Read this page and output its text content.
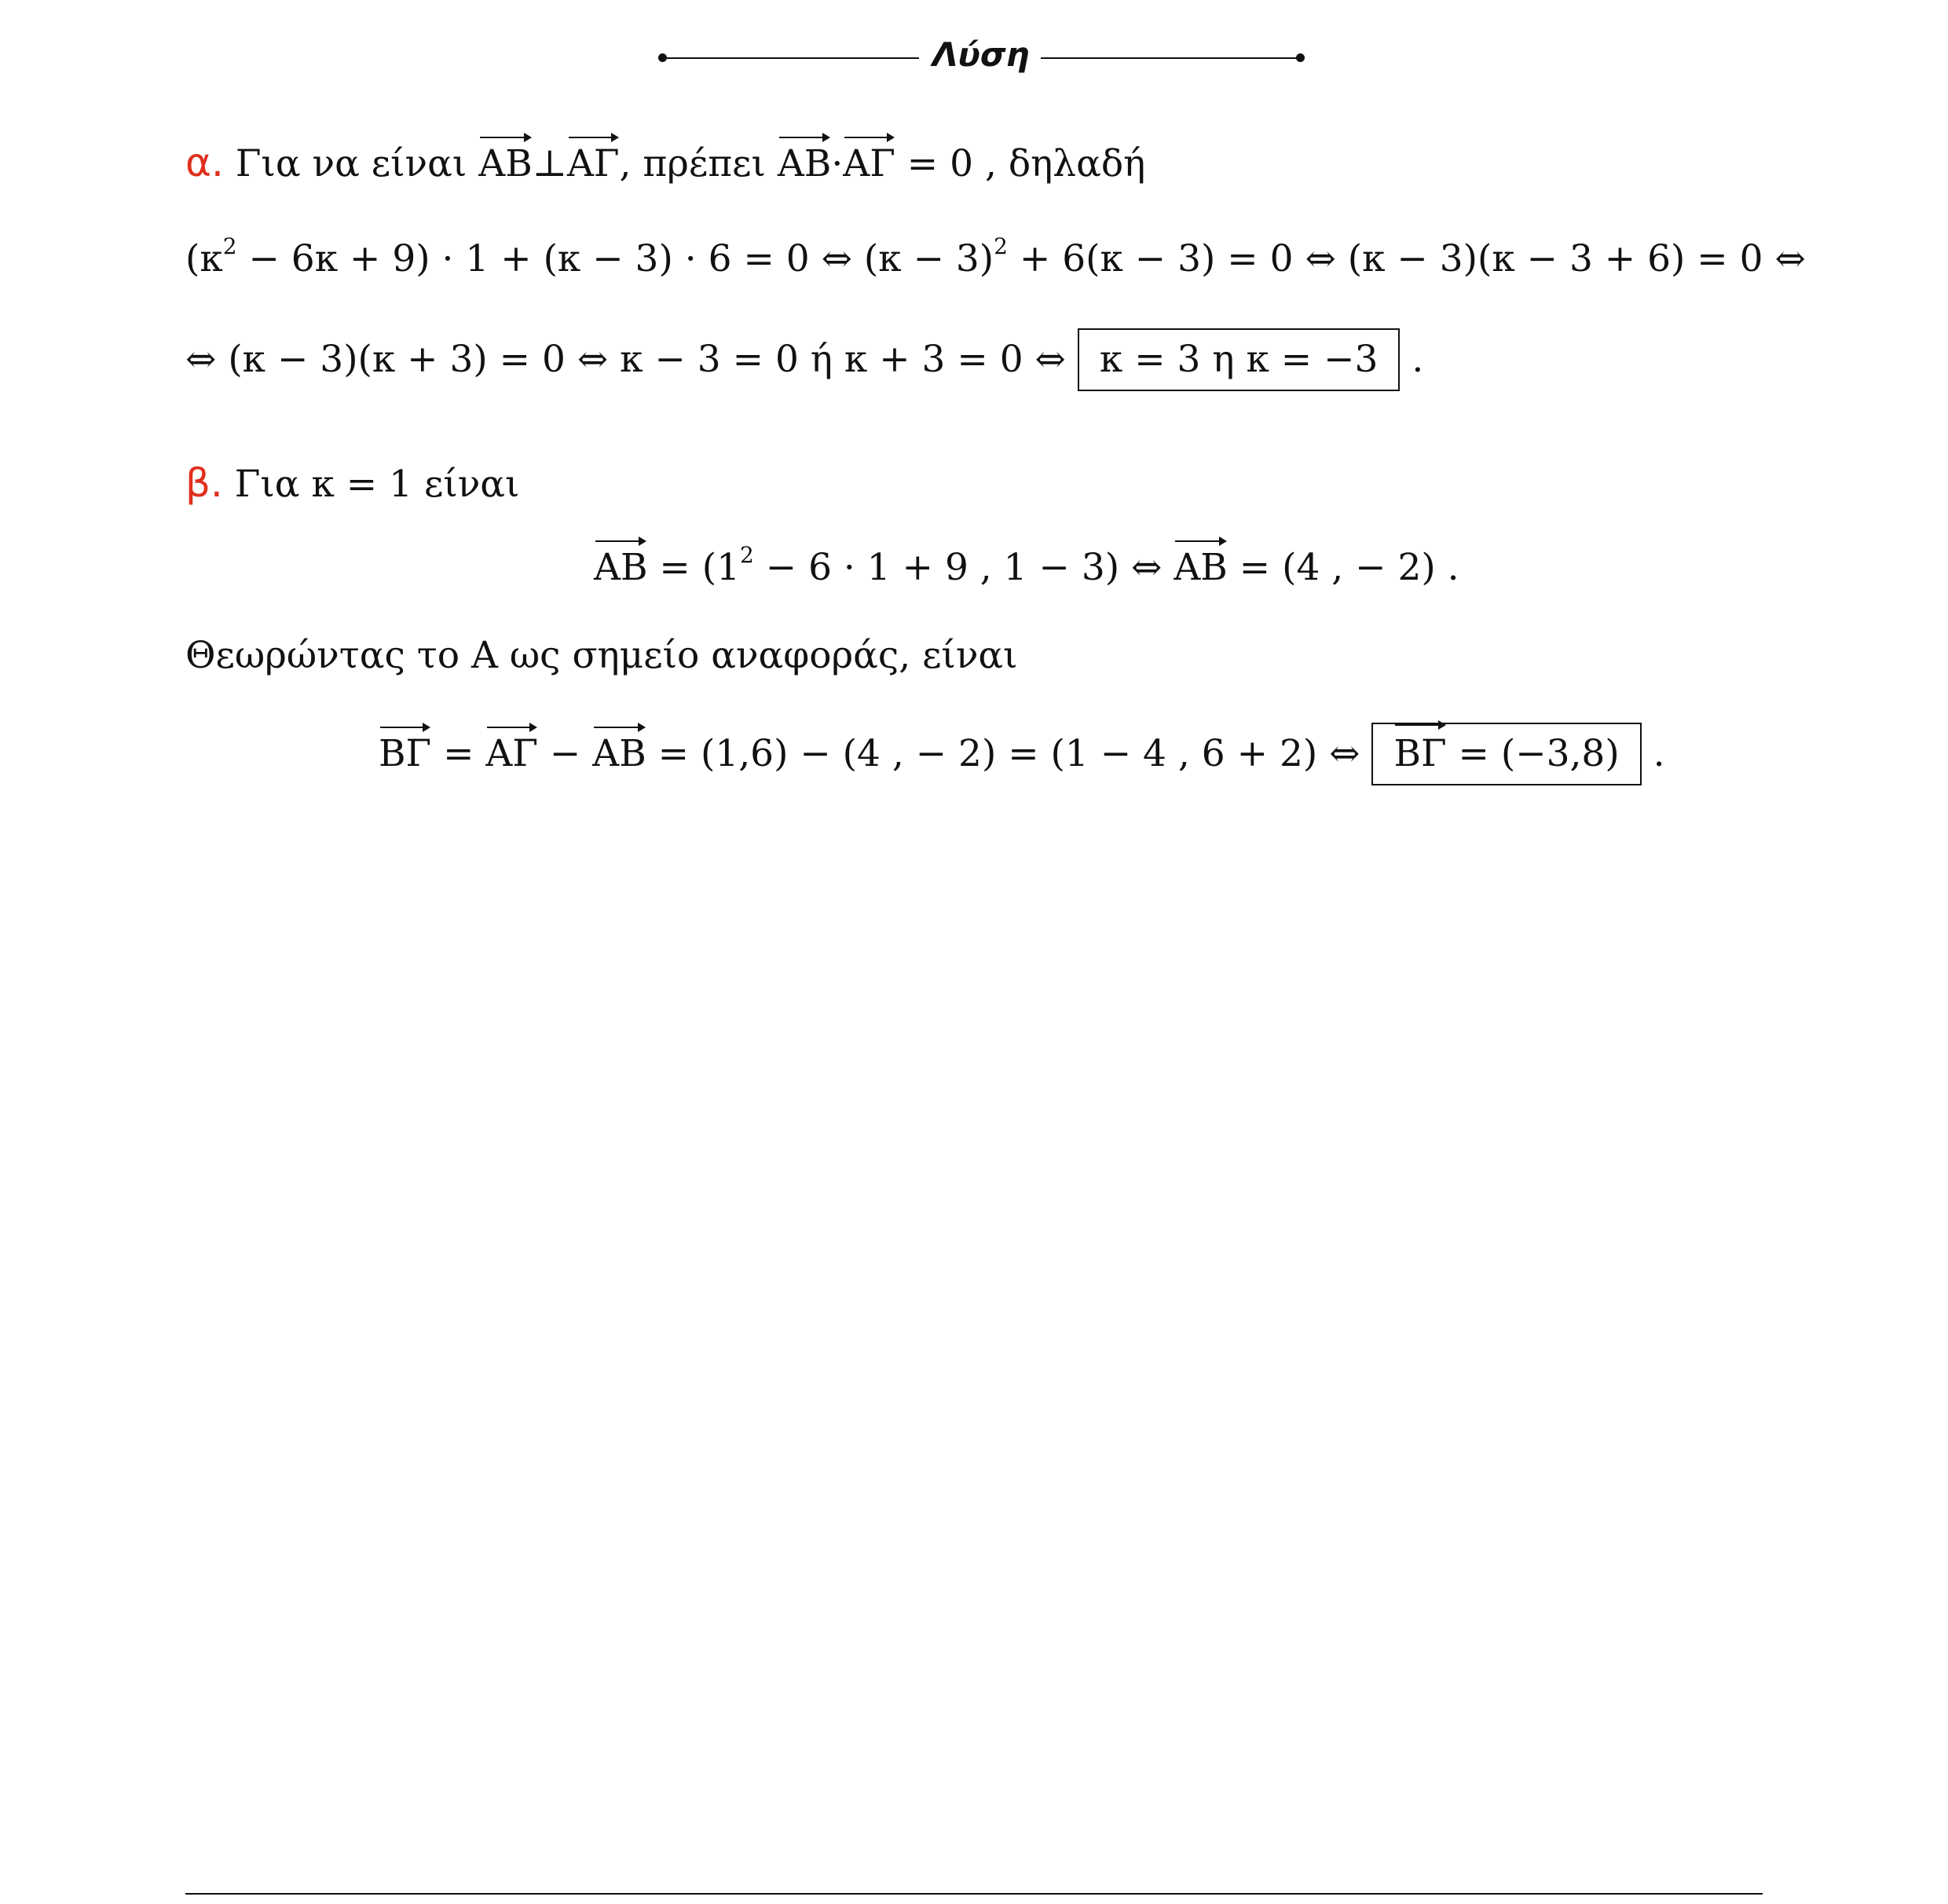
Λύση
α. Για να είναι AB⊥AΓ, πρέπει AB·AΓ = 0 , δηλαδή
$(\kappa^2 - 6\kappa + 9) \cdot 1 + (\kappa - 3) \cdot 6 = 0$ ⇔ $(\kappa - 3)^2 + 6(\kappa - 3) = 0$ ⇔ (κ − 3)(κ − 3 + 6) = 0 ⇔
⇔ (κ − 3)(κ + 3) = 0 ⇔ κ − 3 = 0 ή κ + 3 = 0 ⇔ κ = 3 η κ = −3 .
β. Για κ = 1 είναι
AB = ($1^2 - 6 \cdot 1 + 9$ , 1 − 3) ⇔ AB = (4 , − 2) .
Θεωρώντας το A ως σημείο αναφοράς, είναι
BΓ = AΓ − AB = (1,6) − (4 , − 2) = (1 − 4 , 6 + 2) ⇔ BΓ = (−3,8) .
